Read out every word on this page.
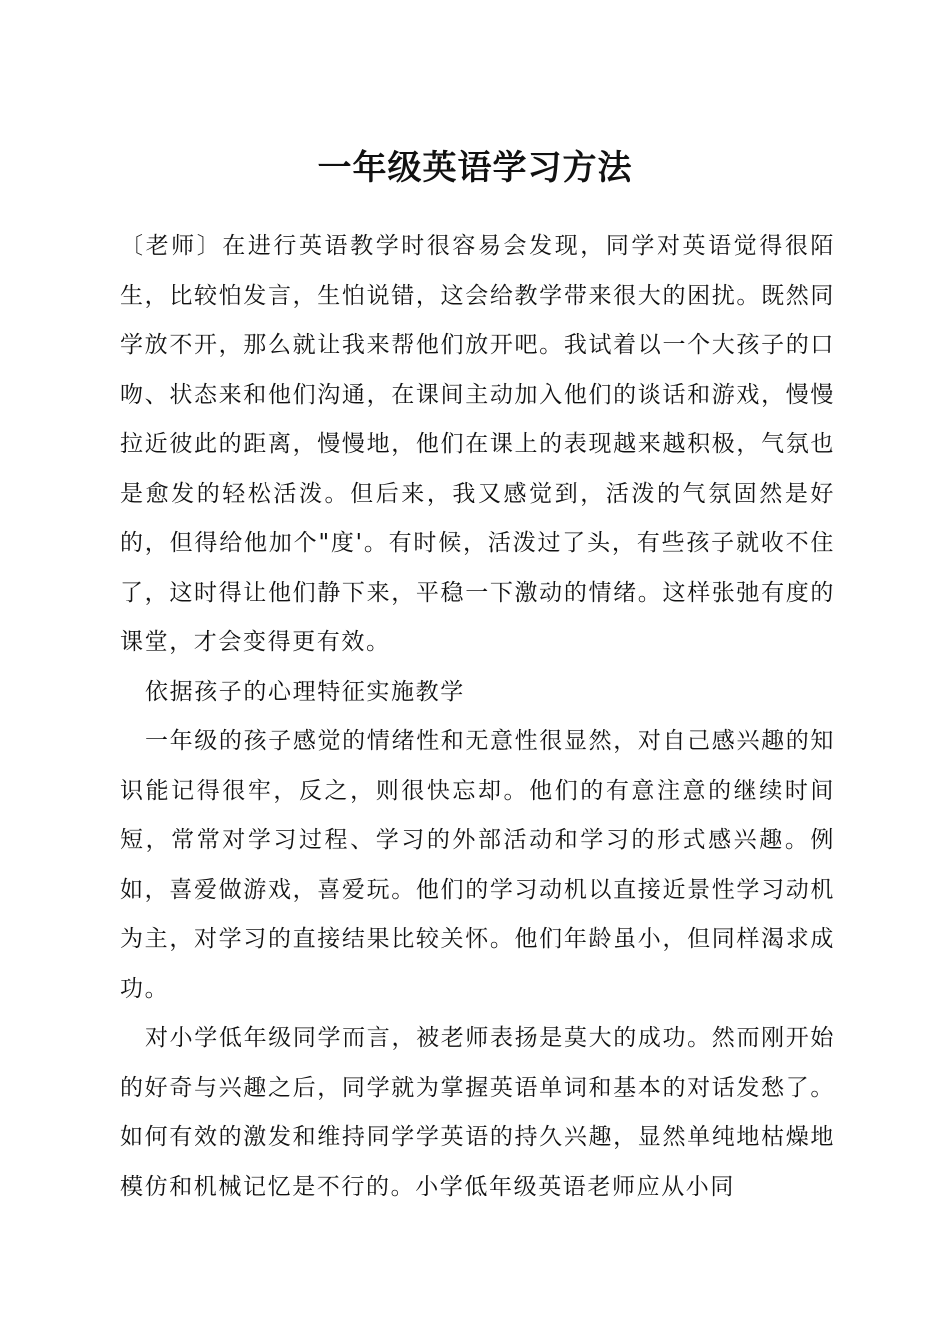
一年级英语学习方法

〔老师〕在进行英语教学时很容易会发现，同学对英语觉得很陌生，比较怕发言，生怕说错，这会给教学带来很大的困扰。既然同学放不开，那么就让我来帮他们放开吧。我试着以一个大孩子的口吻、状态来和他们沟通，在课间主动加入他们的谈话和游戏，慢慢拉近彼此的距离，慢慢地，他们在课上的表现越来越积极，气氛也是愈发的轻松活泼。但后来，我又感觉到，活泼的气氛固然是好的，但得给他加个"度'。有时候，活泼过了头，有些孩子就收不住了，这时得让他们静下来，平稳一下激动的情绪。这样张弛有度的课堂，才会变得更有效。

依据孩子的心理特征实施教学

一年级的孩子感觉的情绪性和无意性很显然，对自己感兴趣的知识能记得很牢，反之，则很快忘却。他们的有意注意的继续时间短，常常对学习过程、学习的外部活动和学习的形式感兴趣。例如，喜爱做游戏，喜爱玩。他们的学习动机以直接近景性学习动机为主，对学习的直接结果比较关怀。他们年龄虽小，但同样渴求成功。

对小学低年级同学而言，被老师表扬是莫大的成功。然而刚开始的好奇与兴趣之后，同学就为掌握英语单词和基本的对话发愁了。如何有效的激发和维持同学学英语的持久兴趣，显然单纯地枯燥地模仿和机械记忆是不行的。小学低年级英语老师应从小同
